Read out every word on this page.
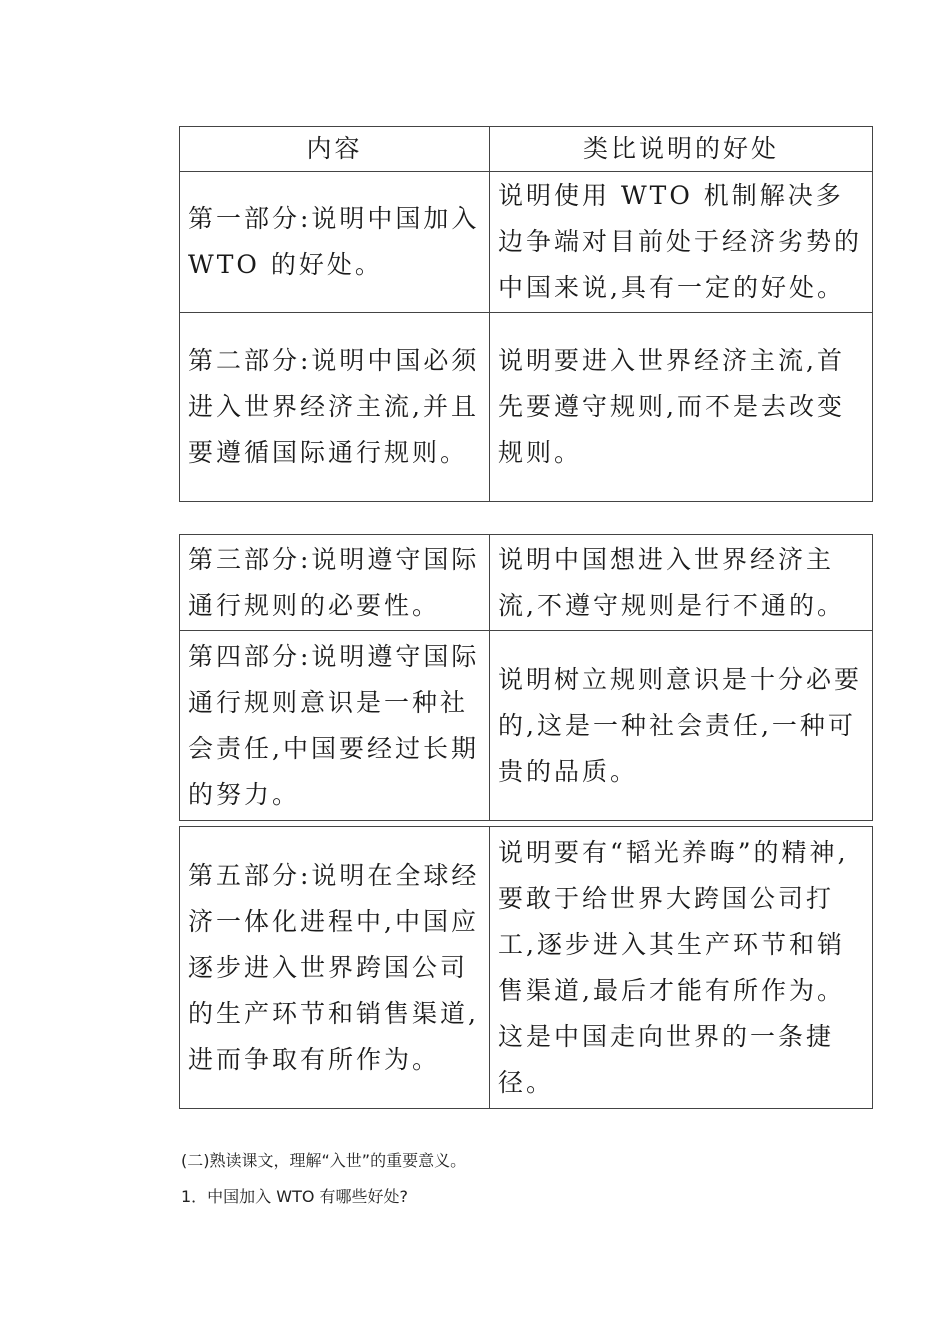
内容	类比说明的好处
第一部分:说明中国加入 WTO 的好处。	说明使用 WTO 机制解决多边争端对目前处于经济劣势的中国来说,具有一定的好处。
第二部分:说明中国必须进入世界经济主流,并且要遵循国际通行规则。	说明要进入世界经济主流,首先要遵守规则,而不是去改变规则。
第三部分:说明遵守国际通行规则的必要性。	说明中国想进入世界经济主流,不遵守规则是行不通的。
第四部分:说明遵守国际通行规则意识是一种社会责任,中国要经过长期的努力。	说明树立规则意识是十分必要的,这是一种社会责任,一种可贵的品质。
第五部分:说明在全球经济一体化进程中,中国应逐步进入世界跨国公司的生产环节和销售渠道,进而争取有所作为。	说明要有“韬光养晦”的精神,要敢于给世界大跨国公司打工,逐步进入其生产环节和销售渠道,最后才能有所作为。这是中国走向世界的一条捷径。
(二)熟读课文，理解“入世”的重要意义。
1．中国加入 WTO 有哪些好处?
